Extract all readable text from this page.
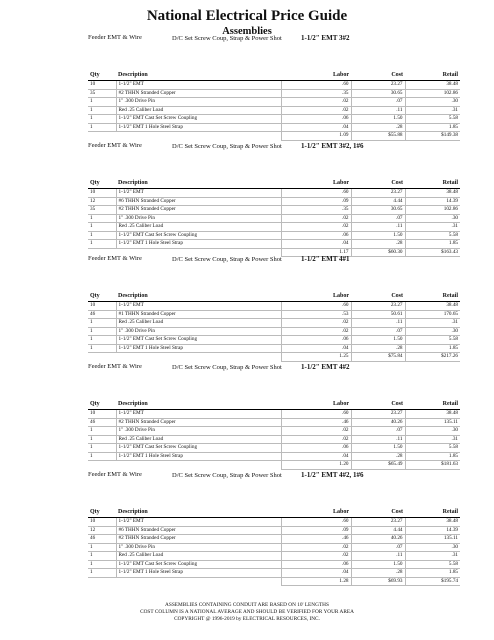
National Electrical Price Guide
Assemblies
Feeder EMT & Wire	D/C Set Screw Coup, Strap & Power Shot	1-1/2" EMT 3#2
Qty	Description	Labor	Cost	Retail
10	1-1/2" EMT	.60	23.27	38.48
35	#2 THHN Stranded Copper	.35	30.65	102.86
1	1" .300 Drive Pin	.02	.07	.30
1	Red .25 Caliber Load	.02	.11	.31
1	1-1/2" EMT Cast Set Screw Coupling	.06	1.50	5.58
1	1-1/2" EMT 1 Hole Steel Strap	.04	.28	1.85
		1.09	$55.88	$149.38
Feeder EMT & Wire	D/C Set Screw Coup, Strap & Power Shot	1-1/2" EMT 3#2, 1#6
Qty	Description	Labor	Cost	Retail
10	1-1/2" EMT	.60	23.27	38.48
12	#6 THHN Stranded Copper	.09	4.44	14.39
35	#2 THHN Stranded Copper	.35	30.65	102.86
1	1" .300 Drive Pin	.02	.07	.30
1	Red .25 Caliber Load	.02	.11	.31
1	1-1/2" EMT Cast Set Screw Coupling	.06	1.50	5.58
1	1-1/2" EMT 1 Hole Steel Strap	.04	.28	1.85
		1.17	$60.30	$163.43
Feeder EMT & Wire	D/C Set Screw Coup, Strap & Power Shot	1-1/2" EMT 4#1
Qty	Description	Labor	Cost	Retail
10	1-1/2" EMT	.60	23.27	38.48
46	#1 THHN Stranded Copper	.53	50.61	170.65
1	Red .25 Caliber Load	.02	.11	.31
1	1" .300 Drive Pin	.02	.07	.30
1	1-1/2" EMT Cast Set Screw Coupling	.06	1.50	5.58
1	1-1/2" EMT 1 Hole Steel Strap	.04	.28	1.85
		1.25	$75.84	$217.26
Feeder EMT & Wire	D/C Set Screw Coup, Strap & Power Shot	1-1/2" EMT 4#2
Qty	Description	Labor	Cost	Retail
10	1-1/2" EMT	.60	23.27	38.48
46	#2 THHN Stranded Copper	.46	40.26	135.11
1	1" .300 Drive Pin	.02	.07	.30
1	Red .25 Caliber Load	.02	.11	.31
1	1-1/2" EMT Cast Set Screw Coupling	.06	1.50	5.58
1	1-1/2" EMT 1 Hole Steel Strap	.04	.28	1.85
		1.20	$65.49	$181.63
Feeder EMT & Wire	D/C Set Screw Coup, Strap & Power Shot	1-1/2" EMT 4#2, 1#6
Qty	Description	Labor	Cost	Retail
10	1-1/2" EMT	.60	23.27	38.48
12	#6 THHN Stranded Copper	.09	4.44	14.39
46	#2 THHN Stranded Copper	.46	40.26	135.11
1	1" .300 Drive Pin	.02	.07	.30
1	Red .25 Caliber Load	.02	.11	.31
1	1-1/2" EMT Cast Set Screw Coupling	.06	1.50	5.58
1	1-1/2" EMT 1 Hole Steel Strap	.04	.28	1.85
		1.28	$69.93	$195.74
ASSEMBLIES CONTAINING CONDUIT ARE BASED ON 10' LENGTHS
COST COLUMN IS A NATIONAL AVERAGE AND SHOULD BE VERIFIED FOR YOUR AREA
COPYRIGHT @ 1996-2019 by ELECTRICAL RESOURCES, INC.
